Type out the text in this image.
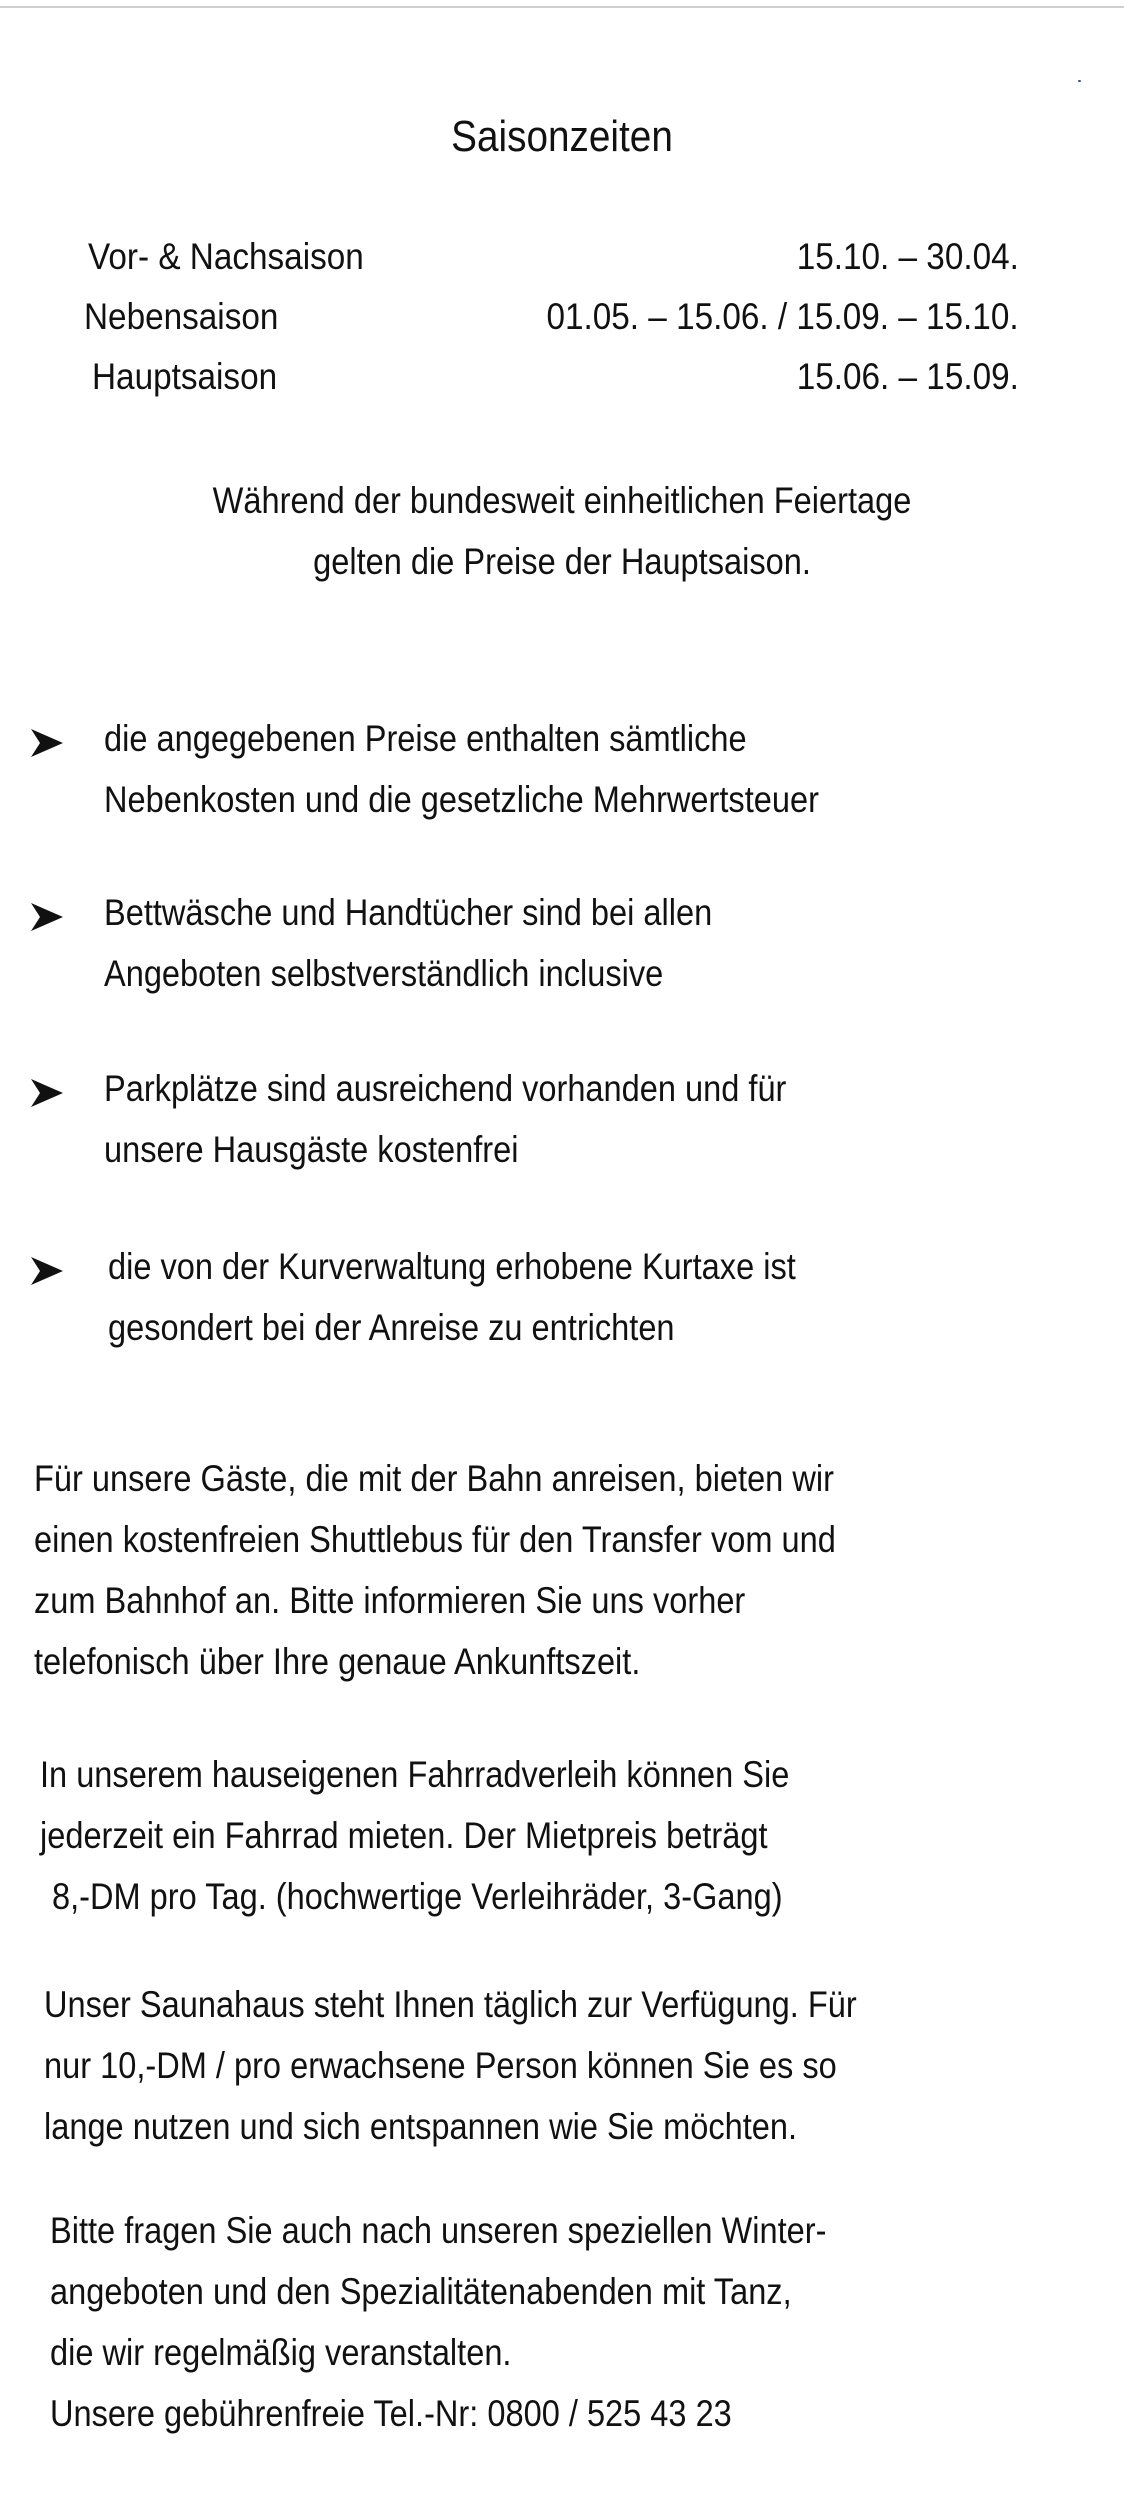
Saisonzeiten
Vor- & Nachsaison	15.10. – 30.04.
Nebensaison	01.05. – 15.06. / 15.09. – 15.10.
Hauptsaison	15.06. – 15.09.
Während der bundesweit einheitlichen Feiertage
gelten die Preise der Hauptsaison.
die angegebenen Preise enthalten sämtliche
Nebenkosten und die gesetzliche Mehrwertsteuer
Bettwäsche und Handtücher sind bei allen
Angeboten selbstverständlich inclusive
Parkplätze sind ausreichend vorhanden und für
unsere Hausgäste kostenfrei
die von der Kurverwaltung erhobene Kurtaxe ist
gesondert bei der Anreise zu entrichten
Für unsere Gäste, die mit der Bahn anreisen, bieten wir
einen kostenfreien Shuttlebus für den Transfer vom und
zum Bahnhof an. Bitte informieren Sie uns vorher
telefonisch über Ihre genaue Ankunftszeit.
In unserem hauseigenen Fahrradverleih können Sie
jederzeit ein Fahrrad mieten. Der Mietpreis beträgt
8,-DM pro Tag. (hochwertige Verleihräder, 3-Gang)
Unser Saunahaus steht Ihnen täglich zur Verfügung. Für
nur 10,-DM / pro erwachsene Person können Sie es so
lange nutzen und sich entspannen wie Sie möchten.
Bitte fragen Sie auch nach unseren speziellen Winter-
angeboten und den Spezialitätenabenden mit Tanz,
die wir regelmäßig veranstalten.
Unsere gebührenfreie Tel.-Nr: 0800 / 525 43 23
